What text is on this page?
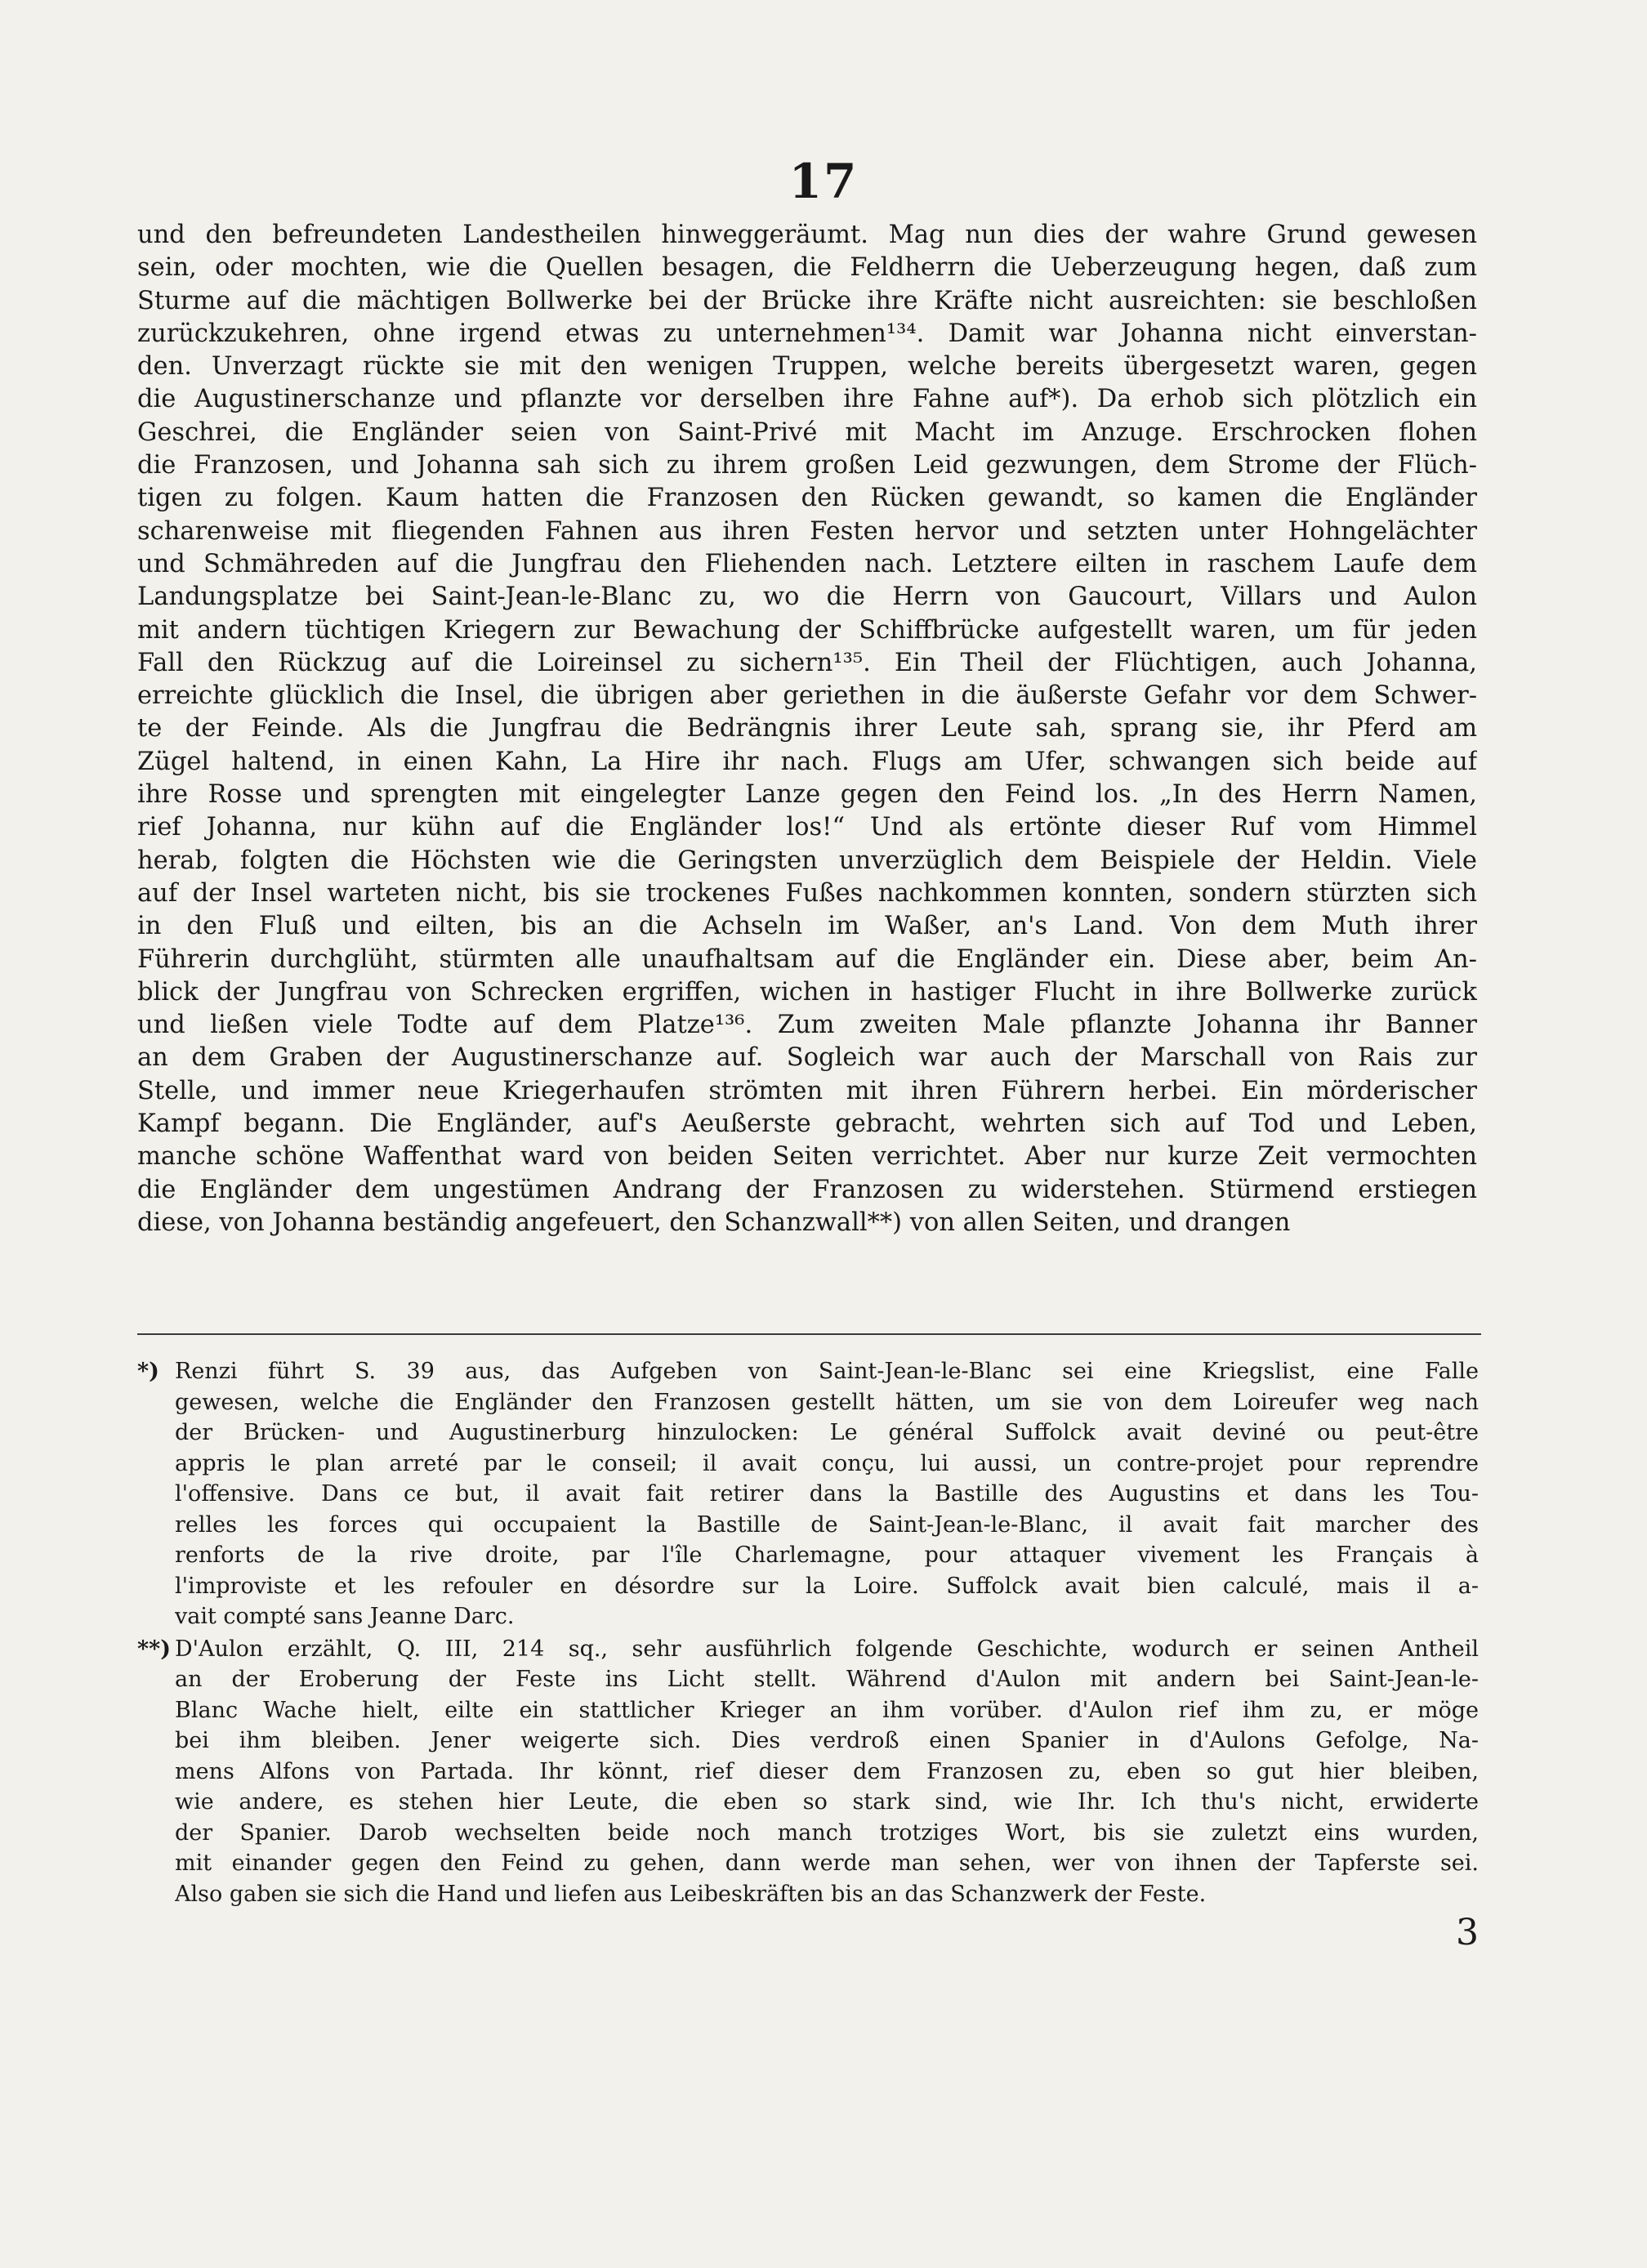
17
und den befreundeten Landestheilen hinweggeräumt. Mag nun dies der wahre Grund gewesen
sein, oder mochten, wie die Quellen besagen, die Feldherrn die Ueberzeugung hegen, daß zum
Sturme auf die mächtigen Bollwerke bei der Brücke ihre Kräfte nicht ausreichten: sie beschloßen
zurückzukehren, ohne irgend etwas zu unternehmen¹³⁴. Damit war Johanna nicht einverstan-
den. Unverzagt rückte sie mit den wenigen Truppen, welche bereits übergesetzt waren, gegen
die Augustinerschanze und pflanzte vor derselben ihre Fahne auf*). Da erhob sich plötzlich ein
Geschrei, die Engländer seien von Saint-Privé mit Macht im Anzuge. Erschrocken flohen
die Franzosen, und Johanna sah sich zu ihrem großen Leid gezwungen, dem Strome der Flüch-
tigen zu folgen. Kaum hatten die Franzosen den Rücken gewandt, so kamen die Engländer
scharenweise mit fliegenden Fahnen aus ihren Festen hervor und setzten unter Hohngelächter
und Schmähreden auf die Jungfrau den Fliehenden nach. Letztere eilten in raschem Laufe dem
Landungsplatze bei Saint-Jean-le-Blanc zu, wo die Herrn von Gaucourt, Villars und Aulon
mit andern tüchtigen Kriegern zur Bewachung der Schiffbrücke aufgestellt waren, um für jeden
Fall den Rückzug auf die Loireinsel zu sichern¹³⁵. Ein Theil der Flüchtigen, auch Johanna,
erreichte glücklich die Insel, die übrigen aber geriethen in die äußerste Gefahr vor dem Schwer-
te der Feinde. Als die Jungfrau die Bedrängnis ihrer Leute sah, sprang sie, ihr Pferd am
Zügel haltend, in einen Kahn, La Hire ihr nach. Flugs am Ufer, schwangen sich beide auf
ihre Rosse und sprengten mit eingelegter Lanze gegen den Feind los. „In des Herrn Namen,
rief Johanna, nur kühn auf die Engländer los!“ Und als ertönte dieser Ruf vom Himmel
herab, folgten die Höchsten wie die Geringsten unverzüglich dem Beispiele der Heldin. Viele
auf der Insel warteten nicht, bis sie trockenes Fußes nachkommen konnten, sondern stürzten sich
in den Fluß und eilten, bis an die Achseln im Waßer, an's Land. Von dem Muth ihrer
Führerin durchglüht, stürmten alle unaufhaltsam auf die Engländer ein. Diese aber, beim An-
blick der Jungfrau von Schrecken ergriffen, wichen in hastiger Flucht in ihre Bollwerke zurück
und ließen viele Todte auf dem Platze¹³⁶. Zum zweiten Male pflanzte Johanna ihr Banner
an dem Graben der Augustinerschanze auf. Sogleich war auch der Marschall von Rais zur
Stelle, und immer neue Kriegerhaufen strömten mit ihren Führern herbei. Ein mörderischer
Kampf begann. Die Engländer, auf's Aeußerste gebracht, wehrten sich auf Tod und Leben,
manche schöne Waffenthat ward von beiden Seiten verrichtet. Aber nur kurze Zeit vermochten
die Engländer dem ungestümen Andrang der Franzosen zu widerstehen. Stürmend erstiegen
diese, von Johanna beständig angefeuert, den Schanzwall**) von allen Seiten, und drangen
*) Renzi führt S. 39 aus, das Aufgeben von Saint-Jean-le-Blanc sei eine Kriegslist, eine Falle
gewesen, welche die Engländer den Franzosen gestellt hätten, um sie von dem Loireufer weg nach
der Brücken- und Augustinerburg hinzulocken: Le général Suffolck avait deviné ou peut-être
appris le plan arreté par le conseil; il avait conçu, lui aussi, un contre-projet pour reprendre
l'offensive. Dans ce but, il avait fait retirer dans la Bastille des Augustins et dans les Tou-
relles les forces qui occupaient la Bastille de Saint-Jean-le-Blanc, il avait fait marcher des
renforts de la rive droite, par l'île Charlemagne, pour attaquer vivement les Français à
l'improviste et les refouler en désordre sur la Loire. Suffolck avait bien calculé, mais il a-
vait compté sans Jeanne Darc.
**) D'Aulon erzählt, Q. III, 214 sq., sehr ausführlich folgende Geschichte, wodurch er seinen Antheil
an der Eroberung der Feste ins Licht stellt. Während d'Aulon mit andern bei Saint-Jean-le-
Blanc Wache hielt, eilte ein stattlicher Krieger an ihm vorüber. d'Aulon rief ihm zu, er möge
bei ihm bleiben. Jener weigerte sich. Dies verdroß einen Spanier in d'Aulons Gefolge, Na-
mens Alfons von Partada. Ihr könnt, rief dieser dem Franzosen zu, eben so gut hier bleiben,
wie andere, es stehen hier Leute, die eben so stark sind, wie Ihr. Ich thu's nicht, erwiderte
der Spanier. Darob wechselten beide noch manch trotziges Wort, bis sie zuletzt eins wurden,
mit einander gegen den Feind zu gehen, dann werde man sehen, wer von ihnen der Tapferste sei.
Also gaben sie sich die Hand und liefen aus Leibeskräften bis an das Schanzwerk der Feste.
3
